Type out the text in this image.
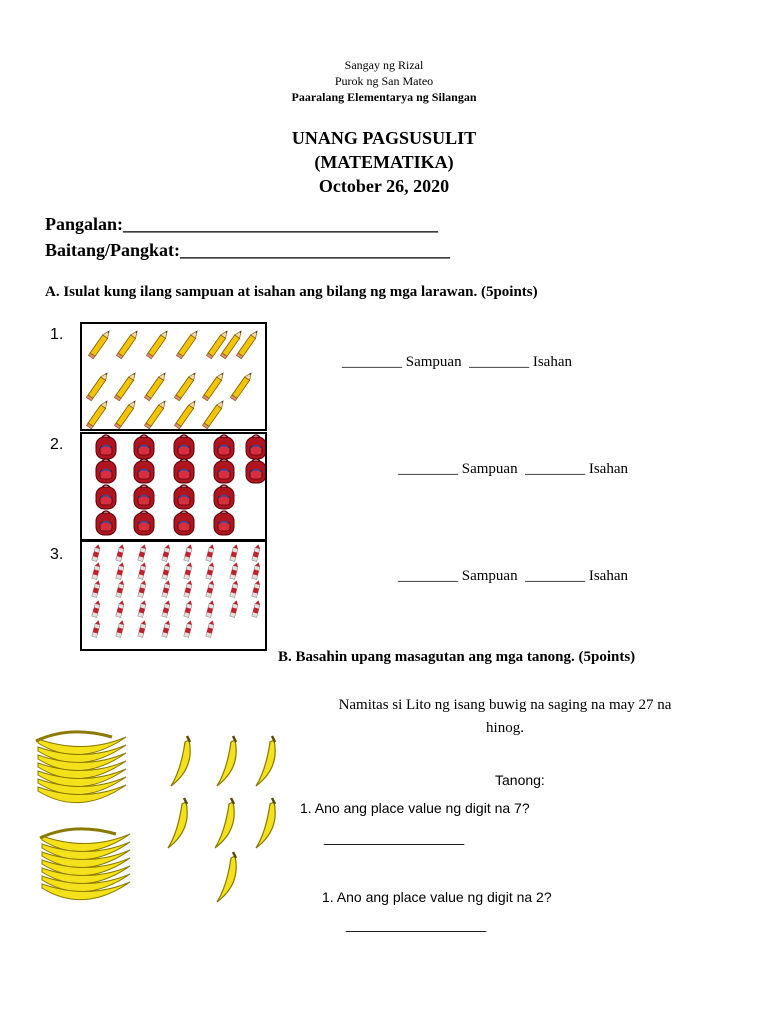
Sangay ng Rizal
Purok ng San Mateo
Paaralang Elementarya ng Silangan
UNANG PAGSUSULIT
(MATEMATIKA)
October 26, 2020
Pangalan:___________________________________
Baitang/Pangkat:______________________________
A. Isulat kung ilang sampuan at isahan ang bilang ng mga larawan. (5points)
1.
________ Sampuan  ________ Isahan
2.
________ Sampuan  ________ Isahan
3.
________ Sampuan  ________ Isahan
B. Basahin upang masagutan ang mga tanong. (5points)
Namitas si Lito ng isang buwig na saging na may 27 na
hinog.
Tanong:
1. Ano ang place value ng digit na 7?
__________________
1. Ano ang place value ng digit na 2?
__________________
